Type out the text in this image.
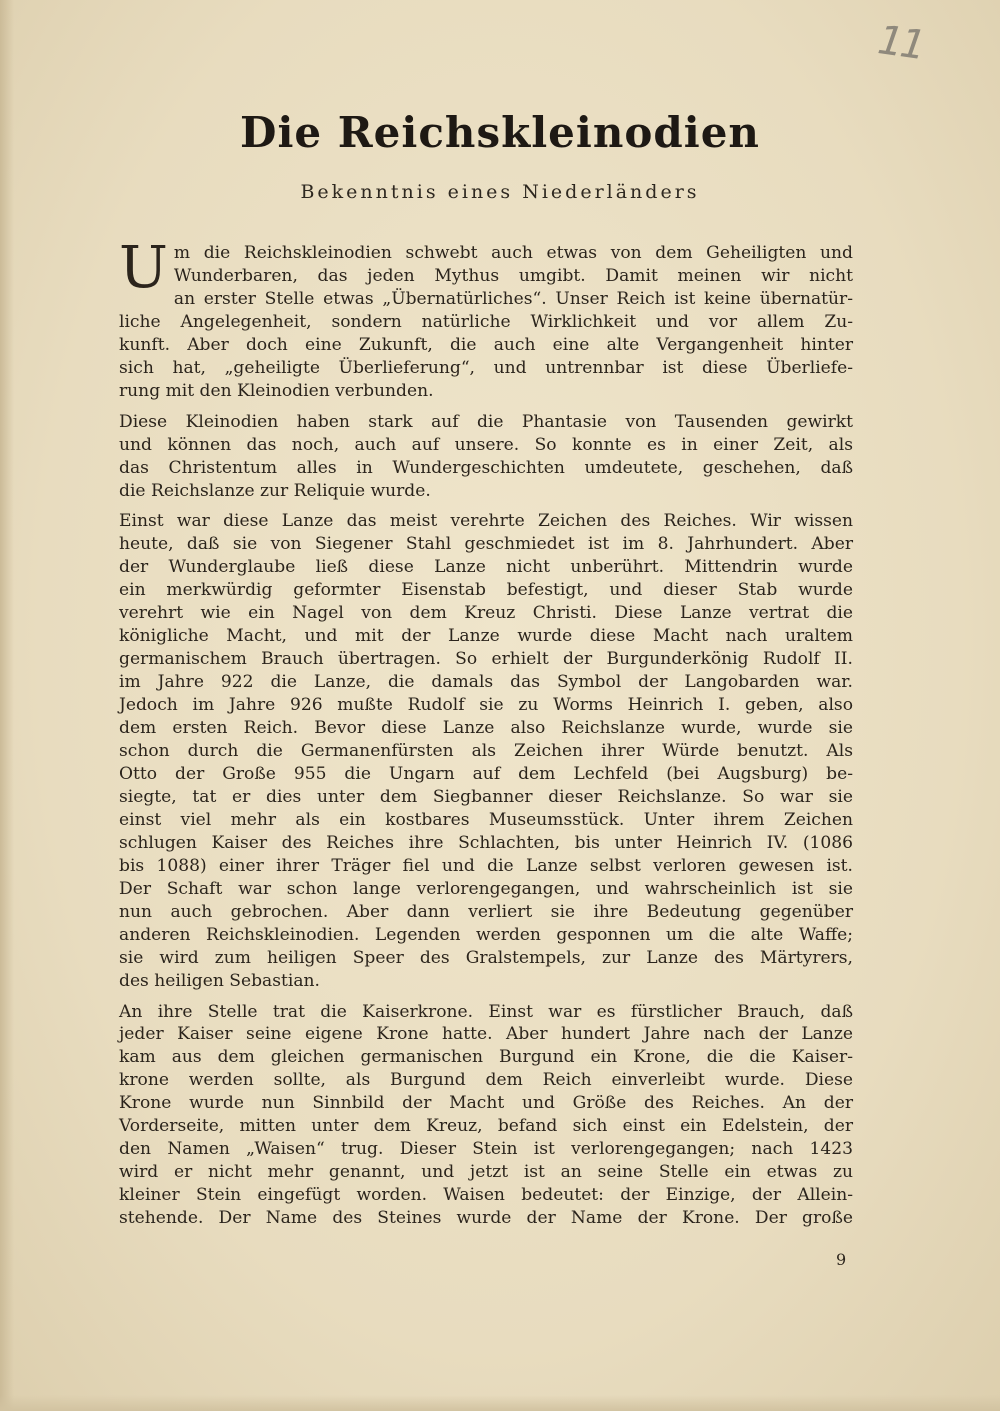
11
Die Reichskleinodien

Bekenntnis eines Niederländers

U m die Reichskleinodien schwebt auch etwas von dem Geheiligten und
Wunderbaren, das jeden Mythus umgibt. Damit meinen wir nicht
an erster Stelle etwas „Übernatürliches“. Unser Reich ist keine übernatür-
liche Angelegenheit, sondern natürliche Wirklichkeit und vor allem Zu-
kunft. Aber doch eine Zukunft, die auch eine alte Vergangenheit hinter
sich hat, „geheiligte Überlieferung“, und untrennbar ist diese Überliefe-
rung mit den Kleinodien verbunden.

Diese Kleinodien haben stark auf die Phantasie von Tausenden gewirkt
und können das noch, auch auf unsere. So konnte es in einer Zeit, als
das Christentum alles in Wundergeschichten umdeutete, geschehen, daß
die Reichslanze zur Reliquie wurde.

Einst war diese Lanze das meist verehrte Zeichen des Reiches. Wir wissen
heute, daß sie von Siegener Stahl geschmiedet ist im 8. Jahrhundert. Aber
der Wunderglaube ließ diese Lanze nicht unberührt. Mittendrin wurde
ein merkwürdig geformter Eisenstab befestigt, und dieser Stab wurde
verehrt wie ein Nagel von dem Kreuz Christi. Diese Lanze vertrat die
königliche Macht, und mit der Lanze wurde diese Macht nach uraltem
germanischem Brauch übertragen. So erhielt der Burgunderkönig Rudolf II.
im Jahre 922 die Lanze, die damals das Symbol der Langobarden war.
Jedoch im Jahre 926 mußte Rudolf sie zu Worms Heinrich I. geben, also
dem ersten Reich. Bevor diese Lanze also Reichslanze wurde, wurde sie
schon durch die Germanenfürsten als Zeichen ihrer Würde benutzt. Als
Otto der Große 955 die Ungarn auf dem Lechfeld (bei Augsburg) be-
siegte, tat er dies unter dem Siegbanner dieser Reichslanze. So war sie
einst viel mehr als ein kostbares Museumsstück. Unter ihrem Zeichen
schlugen Kaiser des Reiches ihre Schlachten, bis unter Heinrich IV. (1086
bis 1088) einer ihrer Träger fiel und die Lanze selbst verloren gewesen ist.
Der Schaft war schon lange verlorengegangen, und wahrscheinlich ist sie
nun auch gebrochen. Aber dann verliert sie ihre Bedeutung gegenüber
anderen Reichskleinodien. Legenden werden gesponnen um die alte Waffe;
sie wird zum heiligen Speer des Gralstempels, zur Lanze des Märtyrers,
des heiligen Sebastian.

An ihre Stelle trat die Kaiserkrone. Einst war es fürstlicher Brauch, daß
jeder Kaiser seine eigene Krone hatte. Aber hundert Jahre nach der Lanze
kam aus dem gleichen germanischen Burgund ein Krone, die die Kaiser-
krone werden sollte, als Burgund dem Reich einverleibt wurde. Diese
Krone wurde nun Sinnbild der Macht und Größe des Reiches. An der
Vorderseite, mitten unter dem Kreuz, befand sich einst ein Edelstein, der
den Namen „Waisen“ trug. Dieser Stein ist verlorengegangen; nach 1423
wird er nicht mehr genannt, und jetzt ist an seine Stelle ein etwas zu
kleiner Stein eingefügt worden. Waisen bedeutet: der Einzige, der Allein-
stehende. Der Name des Steines wurde der Name der Krone. Der große

9
